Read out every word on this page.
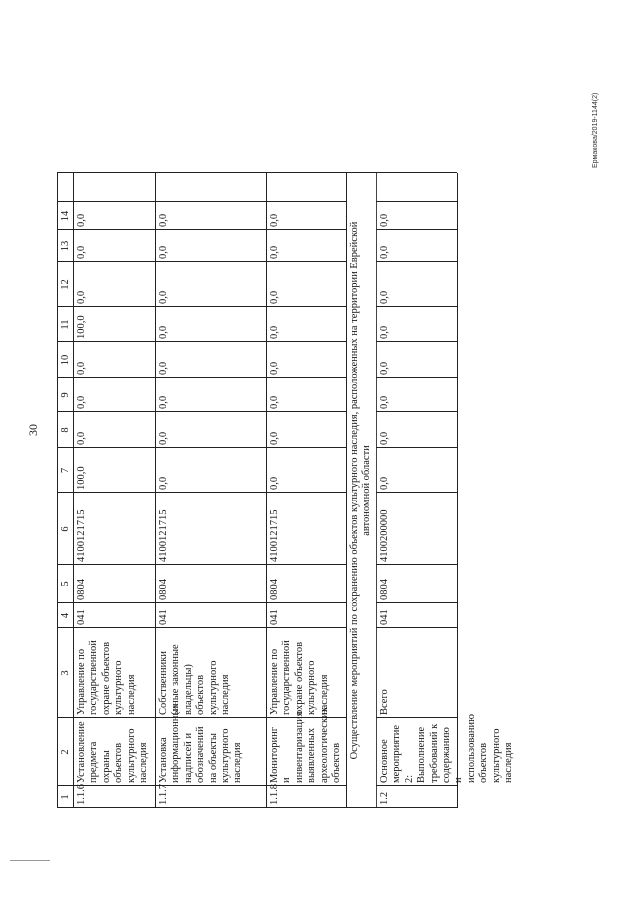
30
Ермакова/2019-1144(2)
1
2
3
4
5
6
7
8
9
10
11
12
13
14
1.1.6
Установление предмета охраны объектов культурного наследия
Управление по государственной охране объектов культурного наследия
041
0804
4100121715
100,0
0,0
0,0
0,0
100,0
0,0
0,0
0,0
1.1.7
Установка информационных надписей и обозначений на объекты культурного наследия
Собственники (иные законные владельцы) объектов культурного наследия
041
0804
4100121715
0,0
0,0
0,0
0,0
0,0
0,0
0,0
0,0
1.1.8
Мониторинг и инвентаризация выявленных археологических объектов
Управление по государственной охране объектов культурного наследия
041
0804
4100121715
0,0
0,0
0,0
0,0
0,0
0,0
0,0
0,0
Осуществление мероприятий по сохранению объектов культурного наследия, расположенных на территории Еврейской автономной области
1.2
Основное мероприятие 2: Выполнение требований к содержанию и использованию объектов культурного наследия
Всего
041
0804
4100200000
0,0
0,0
0,0
0,0
0,0
0,0
0,0
0,0
